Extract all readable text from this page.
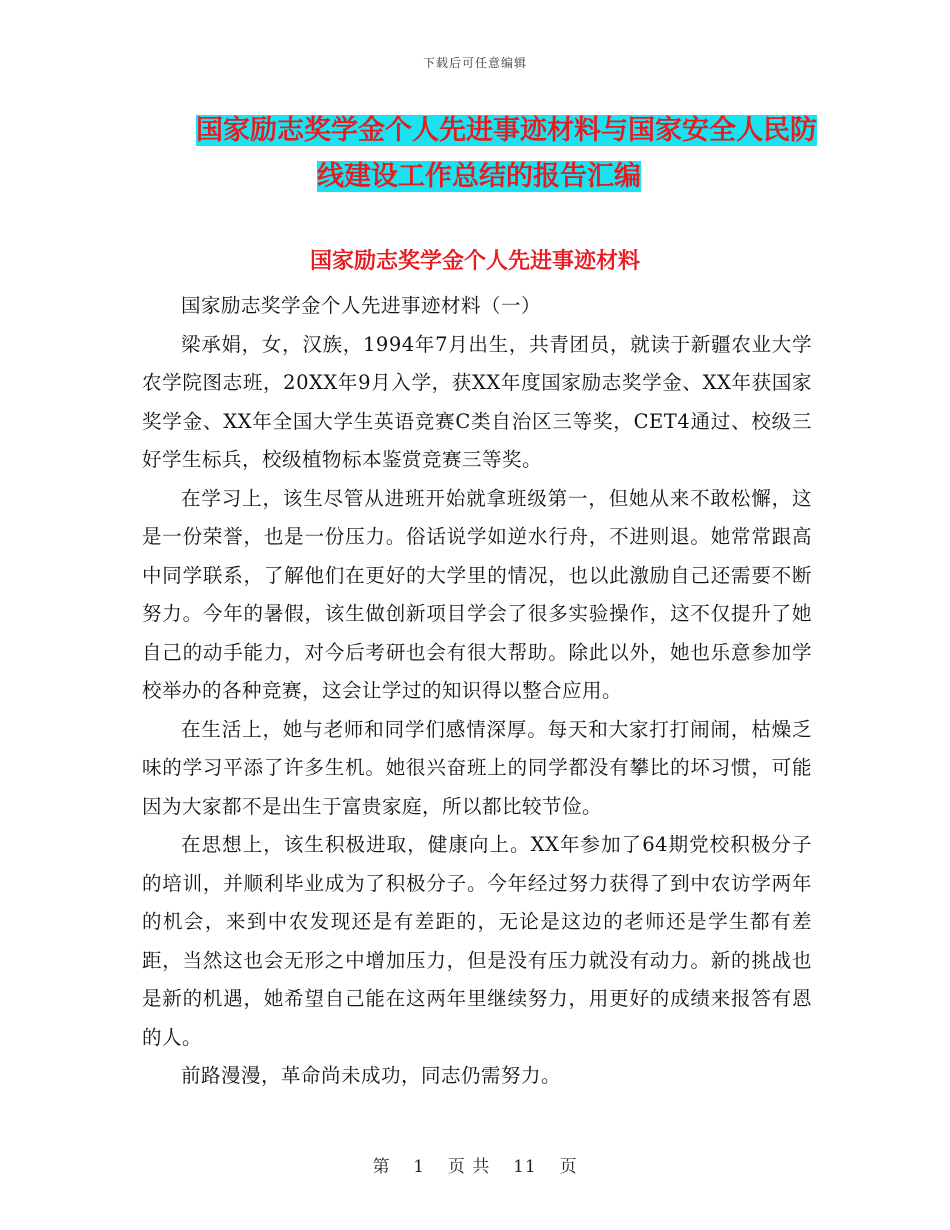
下载后可任意编辑
国家励志奖学金个人先进事迹材料与国家安全人民防
线建设工作总结的报告汇编
国家励志奖学金个人先进事迹材料

国家励志奖学金个人先进事迹材料（一）

梁承娟，女，汉族，1994年7月出生，共青团员，就读于新疆农业大学农学院图志班，20XX年9月入学，获XX年度国家励志奖学金、XX年获国家奖学金、XX年全国大学生英语竞赛C类自治区三等奖，CET4通过、校级三好学生标兵，校级植物标本鉴赏竞赛三等奖。

在学习上，该生尽管从进班开始就拿班级第一，但她从来不敢松懈，这是一份荣誉，也是一份压力。俗话说学如逆水行舟，不进则退。她常常跟高中同学联系，了解他们在更好的大学里的情况，也以此激励自己还需要不断努力。今年的暑假，该生做创新项目学会了很多实验操作，这不仅提升了她自己的动手能力，对今后考研也会有很大帮助。除此以外，她也乐意参加学校举办的各种竞赛，这会让学过的知识得以整合应用。

在生活上，她与老师和同学们感情深厚。每天和大家打打闹闹，枯燥乏味的学习平添了许多生机。她很兴奋班上的同学都没有攀比的坏习惯，可能因为大家都不是出生于富贵家庭，所以都比较节俭。

在思想上，该生积极进取，健康向上。XX年参加了64期党校积极分子的培训，并顺利毕业成为了积极分子。今年经过努力获得了到中农访学两年的机会，来到中农发现还是有差距的，无论是这边的老师还是学生都有差距，当然这也会无形之中增加压力，但是没有压力就没有动力。新的挑战也是新的机遇，她希望自己能在这两年里继续努力，用更好的成绩来报答有恩的人。

前路漫漫，革命尚未成功，同志仍需努力。

第 1 页 共 11 页
